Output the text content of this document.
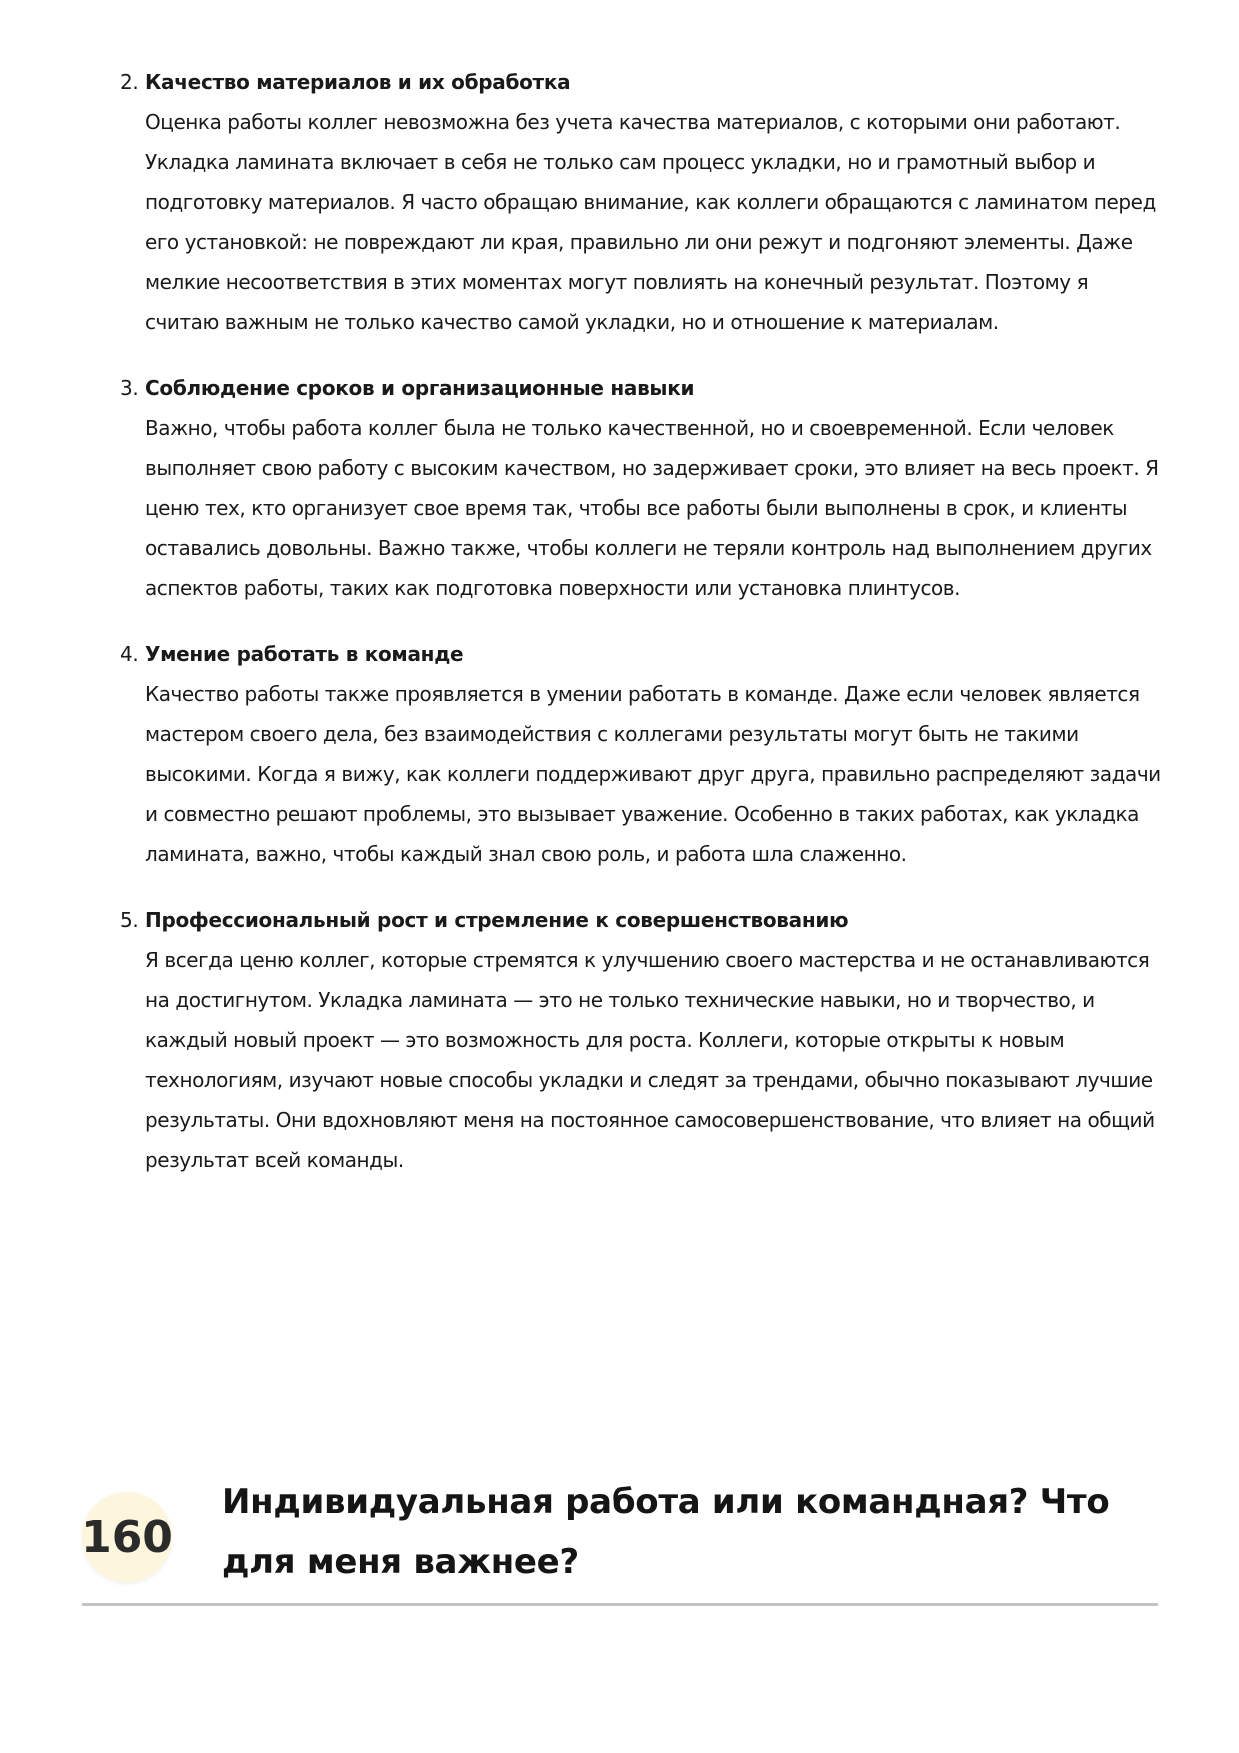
2. Качество материалов и их обработка
Оценка работы коллег невозможна без учета качества материалов, с которыми они работают. Укладка ламината включает в себя не только сам процесс укладки, но и грамотный выбор и подготовку материалов. Я часто обращаю внимание, как коллеги обращаются с ламинатом перед его установкой: не повреждают ли края, правильно ли они режут и подгоняют элементы. Даже мелкие несоответствия в этих моментах могут повлиять на конечный результат. Поэтому я считаю важным не только качество самой укладки, но и отношение к материалам.
3. Соблюдение сроков и организационные навыки
Важно, чтобы работа коллег была не только качественной, но и своевременной. Если человек выполняет свою работу с высоким качеством, но задерживает сроки, это влияет на весь проект. Я ценю тех, кто организует свое время так, чтобы все работы были выполнены в срок, и клиенты оставались довольны. Важно также, чтобы коллеги не теряли контроль над выполнением других аспектов работы, таких как подготовка поверхности или установка плинтусов.
4. Умение работать в команде
Качество работы также проявляется в умении работать в команде. Даже если человек является мастером своего дела, без взаимодействия с коллегами результаты могут быть не такими высокими. Когда я вижу, как коллеги поддерживают друг друга, правильно распределяют задачи и совместно решают проблемы, это вызывает уважение. Особенно в таких работах, как укладка ламината, важно, чтобы каждый знал свою роль, и работа шла слаженно.
5. Профессиональный рост и стремление к совершенствованию
Я всегда ценю коллег, которые стремятся к улучшению своего мастерства и не останавливаются на достигнутом. Укладка ламината — это не только технические навыки, но и творчество, и каждый новый проект — это возможность для роста. Коллеги, которые открыты к новым технологиям, изучают новые способы укладки и следят за трендами, обычно показывают лучшие результаты. Они вдохновляют меня на постоянное самосовершенствование, что влияет на общий результат всей команды.
160
Индивидуальная работа или командная? Что для меня важнее?
